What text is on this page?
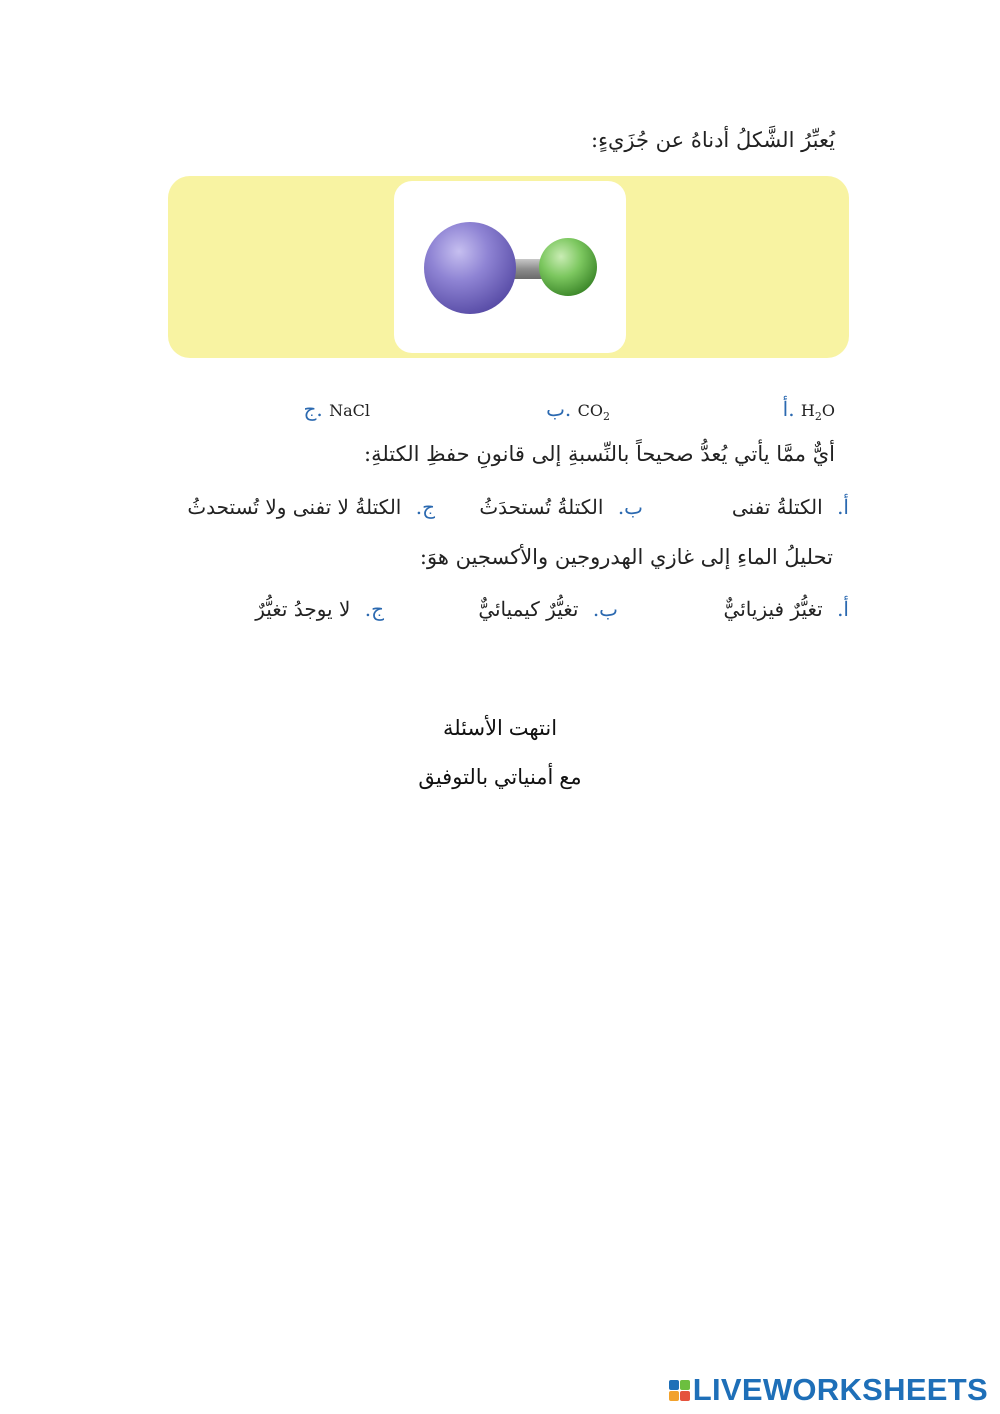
يُعبِّرُ الشَّكلُ أدناهُ عن جُزَيءٍ:
أ. $H_2O$
ب. $CO_2$
ج. NaCl
أيٌّ ممَّا يأتي يُعدُّ صحيحاً بالنِّسبةِ إلى قانونِ حفظِ الكتلةِ:
أ. الكتلةُ تفنى
ب. الكتلةُ تُستحدَثُ
ج. الكتلةُ لا تفنى ولا تُستحدثُ
تحليلُ الماءِ إلى غازي الهدروجين والأكسجين هوَ:
أ. تغيُّرٌ فيزيائيٌّ
ب. تغيُّرٌ كيميائيٌّ
ج. لا يوجدُ تغيُّرٌ
انتهت الأسئلة
مع أمنياتي بالتوفيق
LIVEWORKSHEETS
